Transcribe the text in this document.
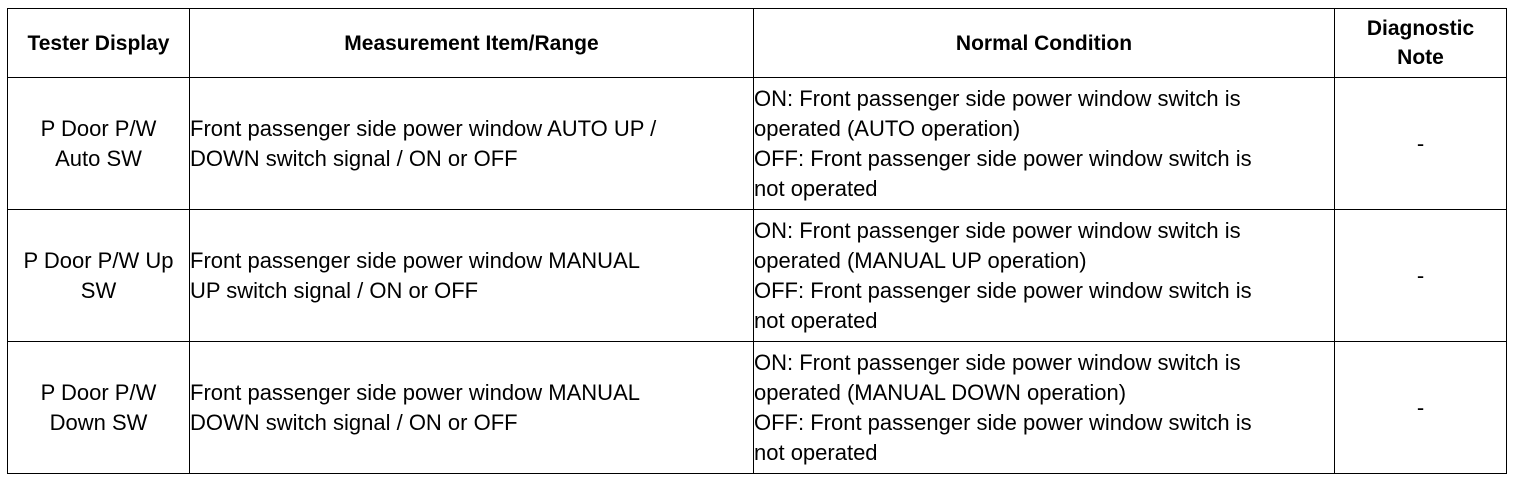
Tester Display	Measurement Item/Range	Normal Condition	Diagnostic
Note

P Door P/W
Auto SW	Front passenger side power window AUTO UP /
DOWN switch signal / ON or OFF	ON: Front passenger side power window switch is
operated (AUTO operation)
OFF: Front passenger side power window switch is
not operated	-

P Door P/W Up
SW	Front passenger side power window MANUAL
UP switch signal / ON or OFF	ON: Front passenger side power window switch is
operated (MANUAL UP operation)
OFF: Front passenger side power window switch is
not operated	-

P Door P/W
Down SW	Front passenger side power window MANUAL
DOWN switch signal / ON or OFF	ON: Front passenger side power window switch is
operated (MANUAL DOWN operation)
OFF: Front passenger side power window switch is
not operated	-
